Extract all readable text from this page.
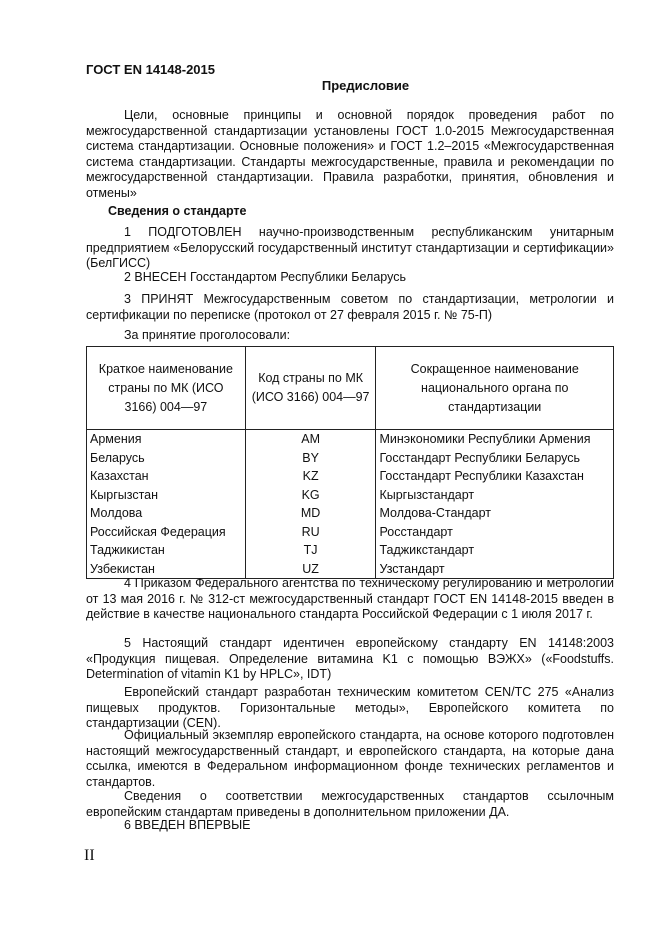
ГОСТ EN 14148-2015
Предисловие
Цели, основные принципы и основной порядок проведения работ по межгосударственной стандартизации установлены ГОСТ 1.0-2015 Межгосударственная система стандартизации. Основные положения» и ГОСТ 1.2–2015 «Межгосударственная система стандартизации. Стандарты межгосударственные, правила и рекомендации по межгосударственной стандартизации. Правила разработки, принятия, обновления и отмены»
Сведения о стандарте
1 ПОДГОТОВЛЕН научно-производственным республиканским унитарным предприятием «Белорусский государственный институт стандартизации и сертификации» (БелГИСС)
2 ВНЕСЕН Госстандартом Республики Беларусь
3 ПРИНЯТ Межгосударственным советом по стандартизации, метрологии и сертификации по переписке (протокол от 27 февраля 2015 г. № 75-П)
За принятие проголосовали:
Краткое наименование страны по МК (ИСО 3166) 004—97	Код страны по МК (ИСО 3166) 004—97	Сокращенное наименование национального органа по стандартизации
Армения	AM	Минэкономики Республики Армения
Беларусь	BY	Госстандарт Республики Беларусь
Казахстан	KZ	Госстандарт Республики Казахстан
Кыргызстан	KG	Кыргызстандарт
Молдова	MD	Молдова-Стандарт
Российская Федерация	RU	Росстандарт
Таджикистан	TJ	Таджикстандарт
Узбекистан	UZ	Узстандарт
4 Приказом Федерального агентства по техническому регулированию и метрологии от 13 мая 2016 г. № 312-ст межгосударственный стандарт ГОСТ EN 14148-2015 введен в действие в качестве национального стандарта Российской Федерации с 1 июля 2017 г.
5 Настоящий стандарт идентичен европейскому стандарту EN 14148:2003 «Продукция пищевая. Определение витамина K1 с помощью ВЭЖХ» («Foodstuffs. Determination of vitamin K1 by HPLC», IDT)
Европейский стандарт разработан техническим комитетом CEN/TC 275 «Анализ пищевых продуктов. Горизонтальные методы», Европейского комитета по стандартизации (CEN).
Официальный экземпляр европейского стандарта, на основе которого подготовлен настоящий межгосударственный стандарт, и европейского стандарта, на которые дана ссылка, имеются в Федеральном информационном фонде технических регламентов и стандартов.
Сведения о соответствии межгосударственных стандартов ссылочным европейским стандартам приведены в дополнительном приложении ДА.
6 ВВЕДЕН ВПЕРВЫЕ
II
